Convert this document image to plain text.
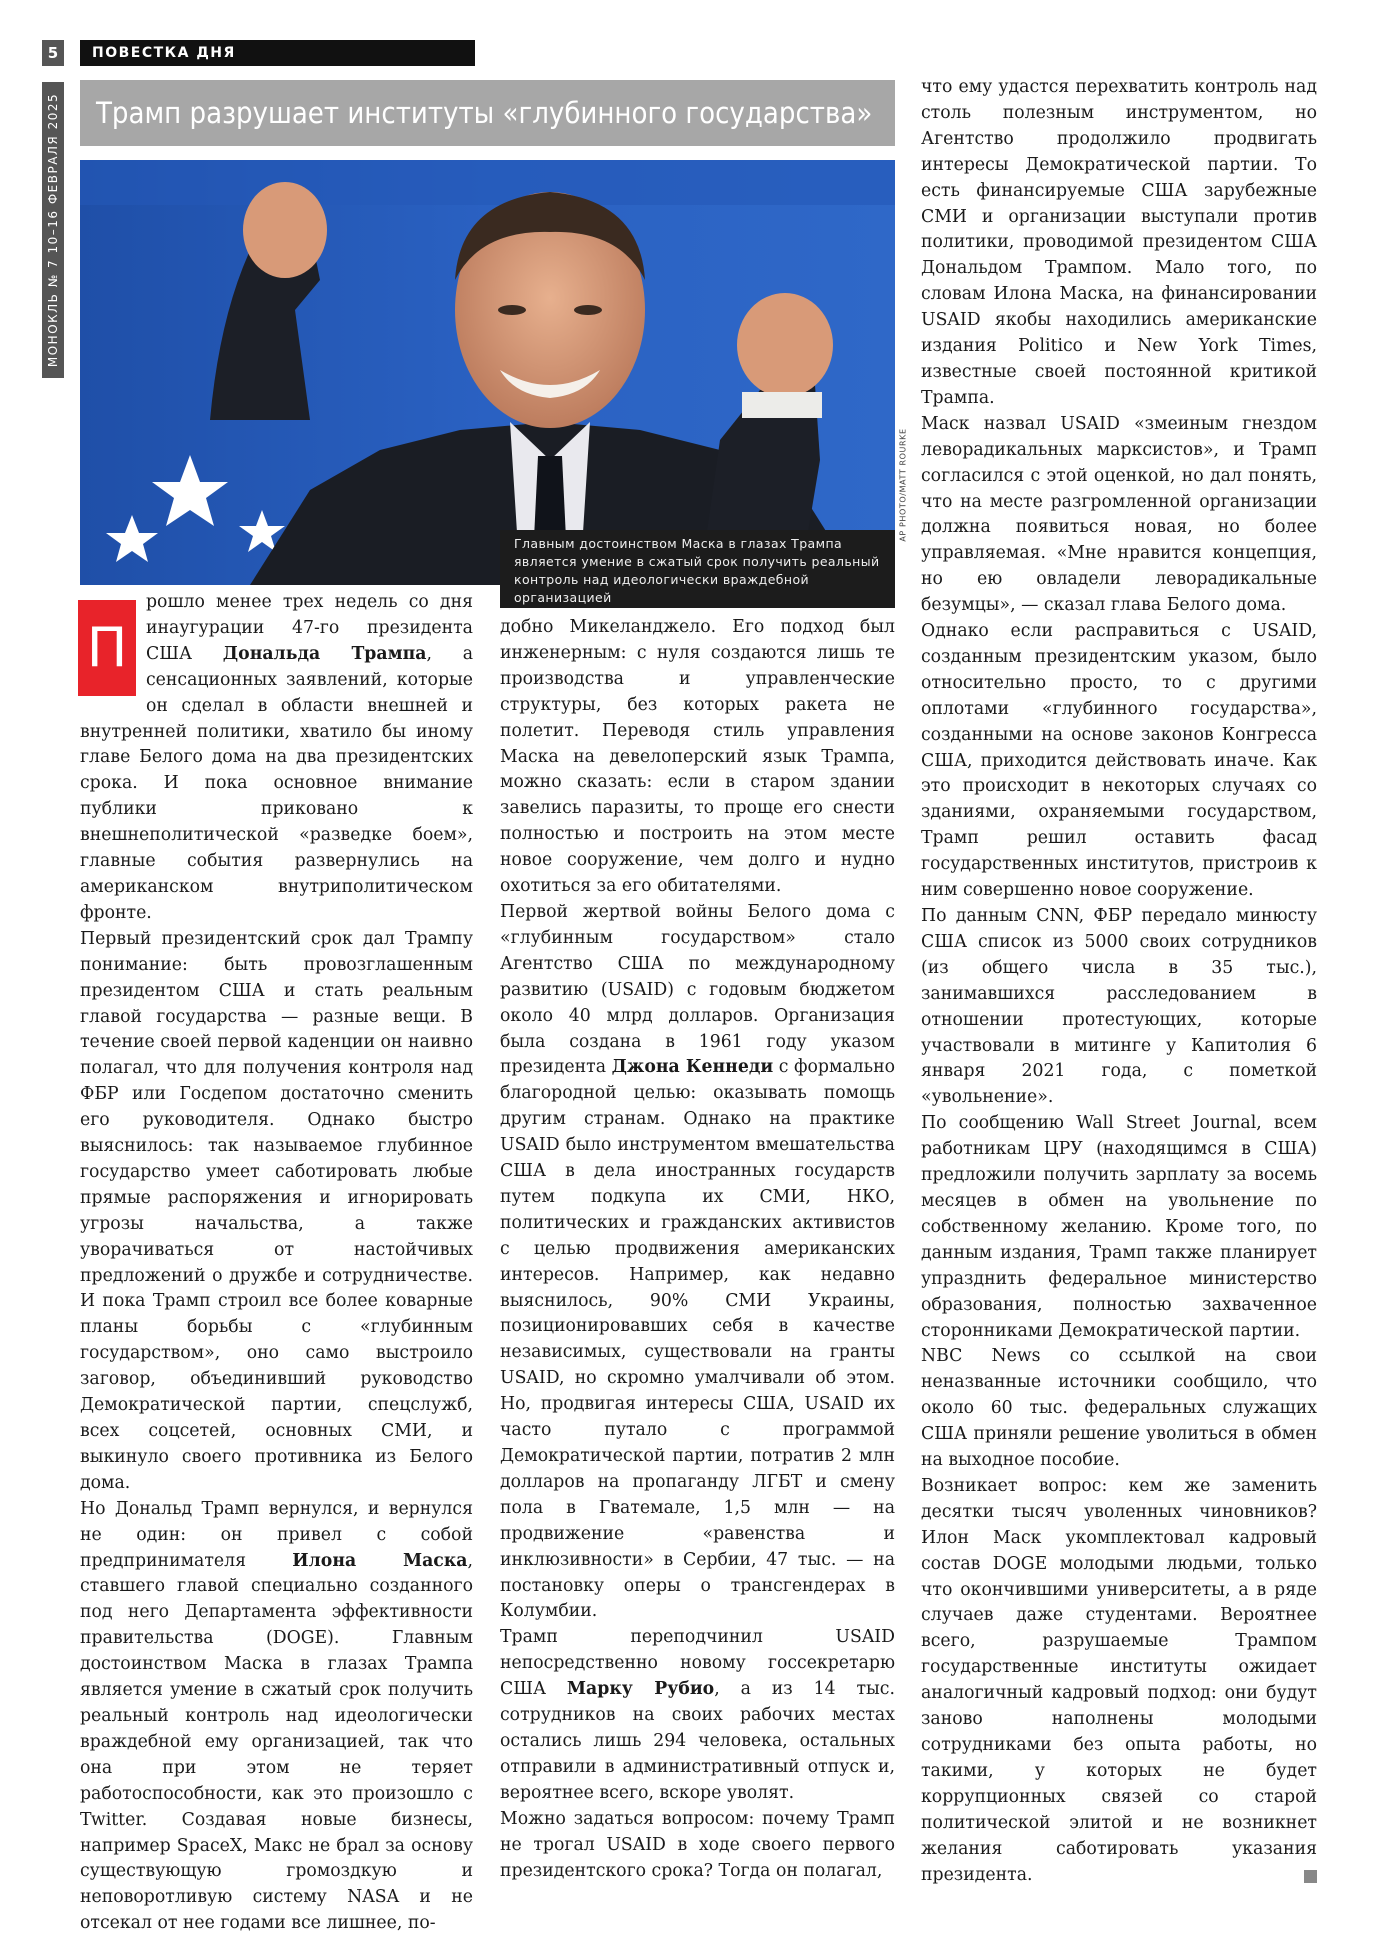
5	ПОВЕСТКА ДНЯ
МОНОКЛЬ № 7 10–16 ФЕВРАЛЯ 2025	Трамп разрушает институты «глубинного государства»
Главным достоинством Маска в глазах Трампа является умение в сжатый срок получить реальный контроль над идеологически враждебной организацией
AP PHOTO/MATT ROURKE
П

рошло менее трех недель со дня инаугурации 47-го президента США Дональда Трампа, а сенсационных заявлений, которые он сделал в области внешней и внутренней политики, хватило бы иному главе Белого дома на два президентских срока. И пока основное внимание публики приковано к внешнеполитической «разведке боем», главные события развернулись на американском внутриполитическом фронте.

Первый президентский срок дал Трампу понимание: быть провозглашенным президентом США и стать реальным главой государства — разные вещи. В течение своей первой каденции он наивно полагал, что для получения контроля над ФБР или Госдепом достаточно сменить его руководителя. Однако быстро выяснилось: так называемое глубинное государство умеет саботировать любые прямые распоряжения и игнорировать угрозы начальства, а также уворачиваться от настойчивых предложений о дружбе и сотрудничестве. И пока Трамп строил все более коварные планы борьбы с «глубинным государством», оно само выстроило заговор, объединивший руководство Демократической партии, спецслужб, всех соцсетей, основных СМИ, и выкинуло своего противника из Белого дома.

Но Дональд Трамп вернулся, и вернулся не один: он привел с собой предпринимателя Илона Маска, ставшего главой специально созданного под него Департамента эффективности правительства (DOGE). Главным достоинством Маска в глазах Трампа является умение в сжатый срок получить реальный контроль над идеологически враждебной ему организацией, так что она при этом не теряет работоспособности, как это произошло с Twitter. Создавая новые бизнесы, например SpaceX, Макс не брал за основу существующую громоздкую и неповоротливую систему NASA и не отсекал от нее годами все лишнее, по-

добно Микеланджело. Его подход был инженерным: с нуля создаются лишь те производства и управленческие структуры, без которых ракета не полетит. Переводя стиль управления Маска на девелоперский язык Трампа, можно сказать: если в старом здании завелись паразиты, то проще его снести полностью и построить на этом месте новое сооружение, чем долго и нудно охотиться за его обитателями.

Первой жертвой войны Белого дома с «глубинным государством» стало Агентство США по международному развитию (USAID) с годовым бюджетом около 40 млрд долларов. Организация была создана в 1961 году указом президента Джона Кеннеди с формально благородной целью: оказывать помощь другим странам. Однако на практике USAID было инструментом вмешательства США в дела иностранных государств путем подкупа их СМИ, НКО, политических и гражданских активистов с целью продвижения американских интересов. Например, как недавно выяснилось, 90% СМИ Украины, позиционировавших себя в качестве независимых, существовали на гранты USAID, но скромно умалчивали об этом. Но, продвигая интересы США, USAID их часто путало с программой Демократической партии, потратив 2 млн долларов на пропаганду ЛГБТ и смену пола в Гватемале, 1,5 млн — на продвижение «равенства и инклюзивности» в Сербии, 47 тыс. — на постановку оперы о трансгендерах в Колумбии.

Трамп переподчинил USAID непосредственно новому госсекретарю США Марку Рубио, а из 14 тыс. сотрудников на своих рабочих местах остались лишь 294 человека, остальных отправили в административный отпуск и, вероятнее всего, вскоре уволят.

Можно задаться вопросом: почему Трамп не трогал USAID в ходе своего первого президентского срока? Тогда он полагал,

что ему удастся перехватить контроль над столь полезным инструментом, но Агентство продолжило продвигать интересы Демократической партии. То есть финансируемые США зарубежные СМИ и организации выступали против политики, проводимой президентом США Дональдом Трампом. Мало того, по словам Илона Маска, на финансировании USAID якобы находились американские издания Politico и New York Times, известные своей постоянной критикой Трампа.

Маск назвал USAID «змеиным гнездом леворадикальных марксистов», и Трамп согласился с этой оценкой, но дал понять, что на месте разгромленной организации должна появиться новая, но более управляемая. «Мне нравится концепция, но ею овладели леворадикальные безумцы», — сказал глава Белого дома.

Однако если расправиться с USAID, созданным президентским указом, было относительно просто, то с другими оплотами «глубинного государства», созданными на основе законов Конгресса США, приходится действовать иначе. Как это происходит в некоторых случаях со зданиями, охраняемыми государством, Трамп решил оставить фасад государственных институтов, пристроив к ним совершенно новое сооружение.

По данным CNN, ФБР передало минюсту США список из 5000 своих сотрудников (из общего числа в 35 тыс.), занимавшихся расследованием в отношении протестующих, которые участвовали в митинге у Капитолия 6 января 2021 года, с пометкой «увольнение».

По сообщению Wall Street Journal, всем работникам ЦРУ (находящимся в США) предложили получить зарплату за восемь месяцев в обмен на увольнение по собственному желанию. Кроме того, по данным издания, Трамп также планирует упразднить федеральное министерство образования, полностью захваченное сторонниками Демократической партии.

NBC News со ссылкой на свои неназванные источники сообщило, что около 60 тыс. федеральных служащих США приняли решение уволиться в обмен на выходное пособие.

Возникает вопрос: кем же заменить десятки тысяч уволенных чиновников? Илон Маск укомплектовал кадровый состав DOGE молодыми людьми, только что окончившими университеты, а в ряде случаев даже студентами. Вероятнее всего, разрушаемые Трампом государственные институты ожидает аналогичный кадровый подход: они будут заново наполнены молодыми сотрудниками без опыта работы, но такими, у которых не будет коррупционных связей со старой политической элитой и не возникнет желания саботировать указания президента.
